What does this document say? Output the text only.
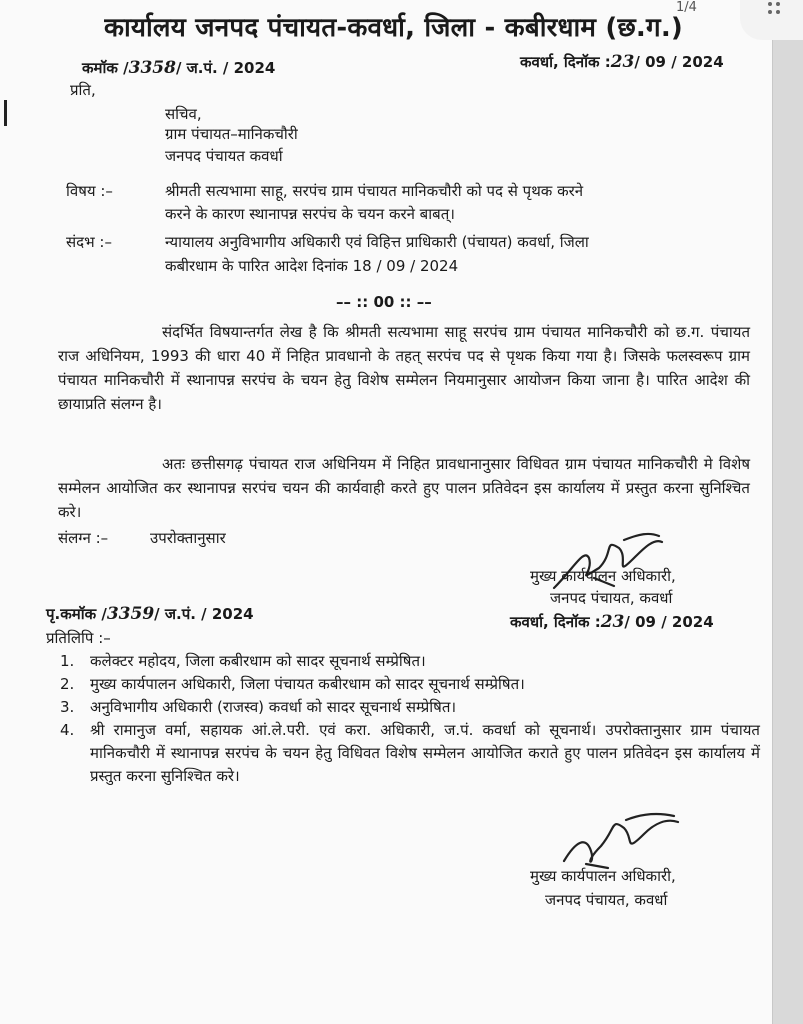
कार्यालय जनपद पंचायत-कवर्धा, जिला - कबीरधाम (छ.ग.)
कमॉक /3358/ ज.पं. / 2024	कवर्धा, दिनॉक :23/ 09 / 2024
प्रति,
सचिव,
ग्राम पंचायत–मानिकचौरी
जनपद पंचायत कवर्धा
विषय :–	श्रीमती सत्यभामा साहू, सरपंच ग्राम पंचायत मानिकचौरी को पद से पृथक करने
करने के कारण स्थानापन्न सरपंच के चयन करने बाबत्।
संदभ :–	न्यायालय अनुविभागीय अधिकारी एवं विहित्त प्राधिकारी (पंचायत) कवर्धा, जिला
कबीरधाम के पारित आदेश दिनांक 18 / 09 / 2024
–– :: 00 :: ––
संदर्भित विषयान्तर्गत लेख है कि श्रीमती सत्यभामा साहू सरपंच ग्राम पंचायत मानिकचौरी को छ.ग. पंचायत राज अधिनियम, 1993 की धारा 40 में निहित प्रावधानो के तहत् सरपंच पद से पृथक किया गया है। जिसके फलस्वरूप ग्राम पंचायत मानिकचौरी में स्थानापन्न सरपंच के चयन हेतु विशेष सम्मेलन नियमानुसार आयोजन किया जाना है। पारित आदेश की छायाप्रति संलग्न है।
अतः छत्तीसगढ़ पंचायत राज अधिनियम में निहित प्रावधानानुसार विधिवत ग्राम पंचायत मानिकचौरी मे विशेष सम्मेलन आयोजित कर स्थानापन्न सरपंच चयन की कार्यवाही करते हुए पालन प्रतिवेदन इस कार्यालय में प्रस्तुत करना सुनिश्चित करे।
संलग्न :–	उपरोक्तानुसार
मुख्य कार्यपालन अधिकारी,
जनपद पंचायत, कवर्धा
कवर्धा, दिनॉक :23/ 09 / 2024
पृ.कमॉक /3359/ ज.पं. / 2024
प्रतिलिपि :–
1.	कलेक्टर महोदय, जिला कबीरधाम को सादर सूचनार्थ सम्प्रेषित।
2.	मुख्य कार्यपालन अधिकारी, जिला पंचायत कबीरधाम को सादर सूचनार्थ सम्प्रेषित।
3.	अनुविभागीय अधिकारी (राजस्व) कवर्धा को सादर सूचनार्थ सम्प्रेषित।
4.	श्री रामानुज वर्मा, सहायक आं.ले.परी. एवं करा. अधिकारी, ज.पं. कवर्धा को सूचनार्थ। उपरोक्तानुसार ग्राम पंचायत मानिकचौरी में स्थानापन्न सरपंच के चयन हेतु विधिवत विशेष सम्मेलन आयोजित कराते हुए पालन प्रतिवेदन इस कार्यालय में प्रस्तुत करना सुनिश्चित करे।
मुख्य कार्यपालन अधिकारी,
जनपद पंचायत, कवर्धा
1/4
